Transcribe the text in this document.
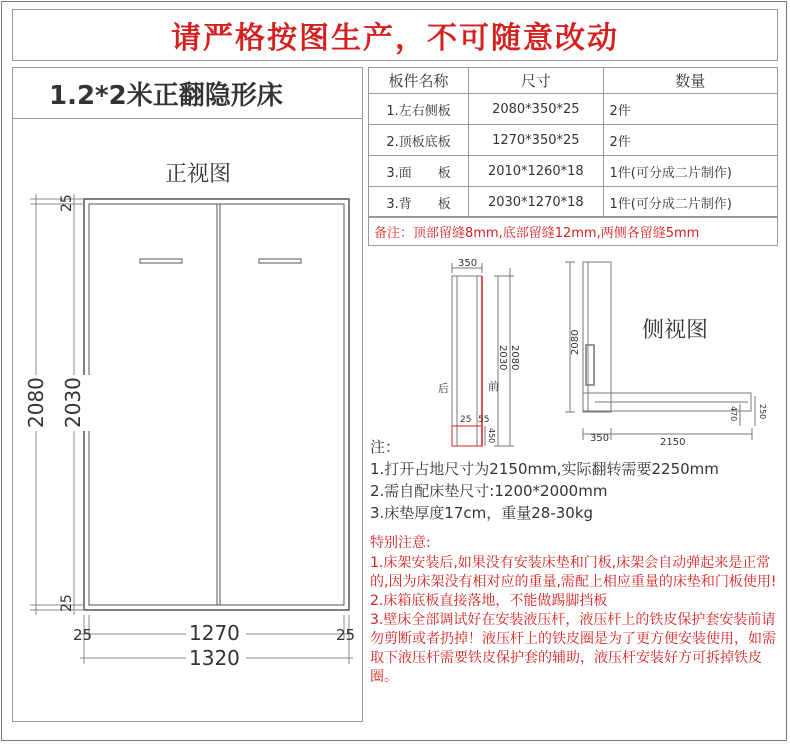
请严格按图生产，不可随意改动
1.2*2米正翻隐形床
正视图
板件名称	尺寸	数量
1.左右侧板	2080*350*25	2件
2.顶板底板	1270*350*25	2件
3.面　　板	2010*1260*18	1件(可分成二片制作)
3.背　　板	2030*1270*18	1件(可分成二片制作)
备注：顶部留缝8mm,底部留缝12mm,两侧各留缝5mm
25
25
2080 2030
25	25
1270
1320
350
2080
2030
后	前
25 55
450
2080
350	2150
470	250
侧视图
注：
1.打开占地尺寸为2150mm,实际翻转需要2250mm
2.需自配床垫尺寸:1200*2000mm
3.床垫厚度17cm，重量28-30kg
特别注意:

1.床架安装后,如果没有安装床垫和门板,床架会自动弹起来是正常的,因为床架没有相对应的重量,需配上相应重量的床垫和门板使用!

2.床箱底板直接落地，不能做踢脚挡板

3.壁床全部调试好在安装液压杆，液压杆上的铁皮保护套安装前请勿剪断或者扔掉！液压杆上的铁皮圈是为了更方便安装使用，如需取下液压杆需要铁皮保护套的辅助，液压杆安装好方可拆掉铁皮圈。
